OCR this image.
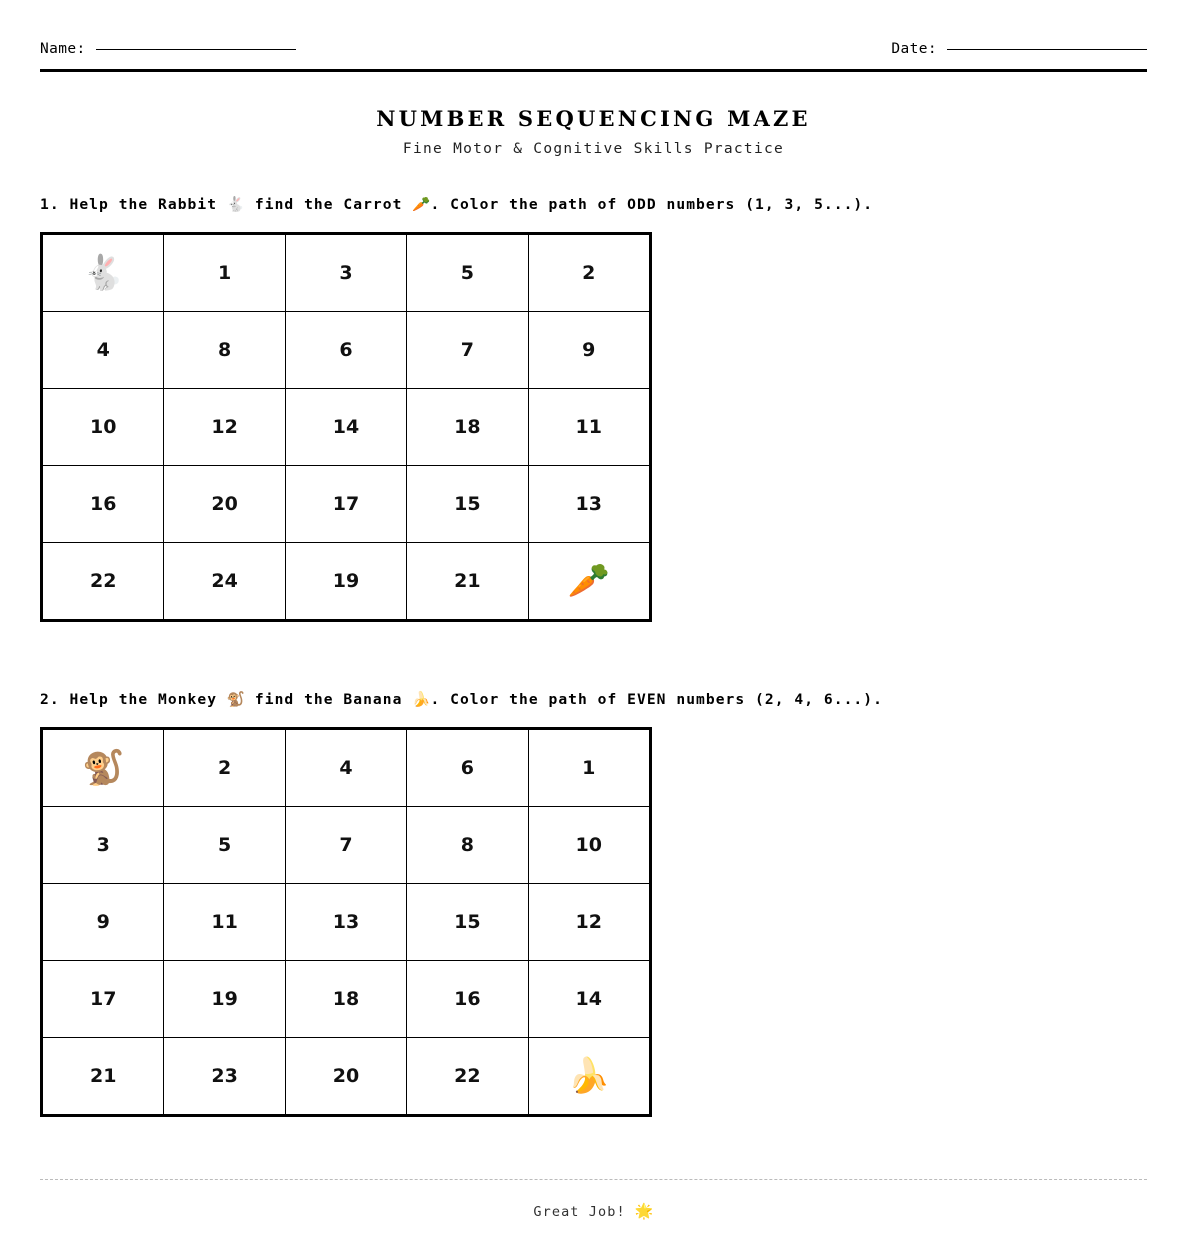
Name:	Date:
NUMBER SEQUENCING MAZE
Fine Motor & Cognitive Skills Practice
1. Help the Rabbit 🐇 find the Carrot 🥕. Color the path of ODD numbers (1, 3, 5...).
🐇	1	3	5	2
4	8	6	7	9
10	12	14	18	11
16	20	17	15	13
22	24	19	21	🥕
2. Help the Monkey 🐒 find the Banana 🍌. Color the path of EVEN numbers (2, 4, 6...).
🐒	2	4	6	1
3	5	7	8	10
9	11	13	15	12
17	19	18	16	14
21	23	20	22	🍌
Great Job! 🌟
